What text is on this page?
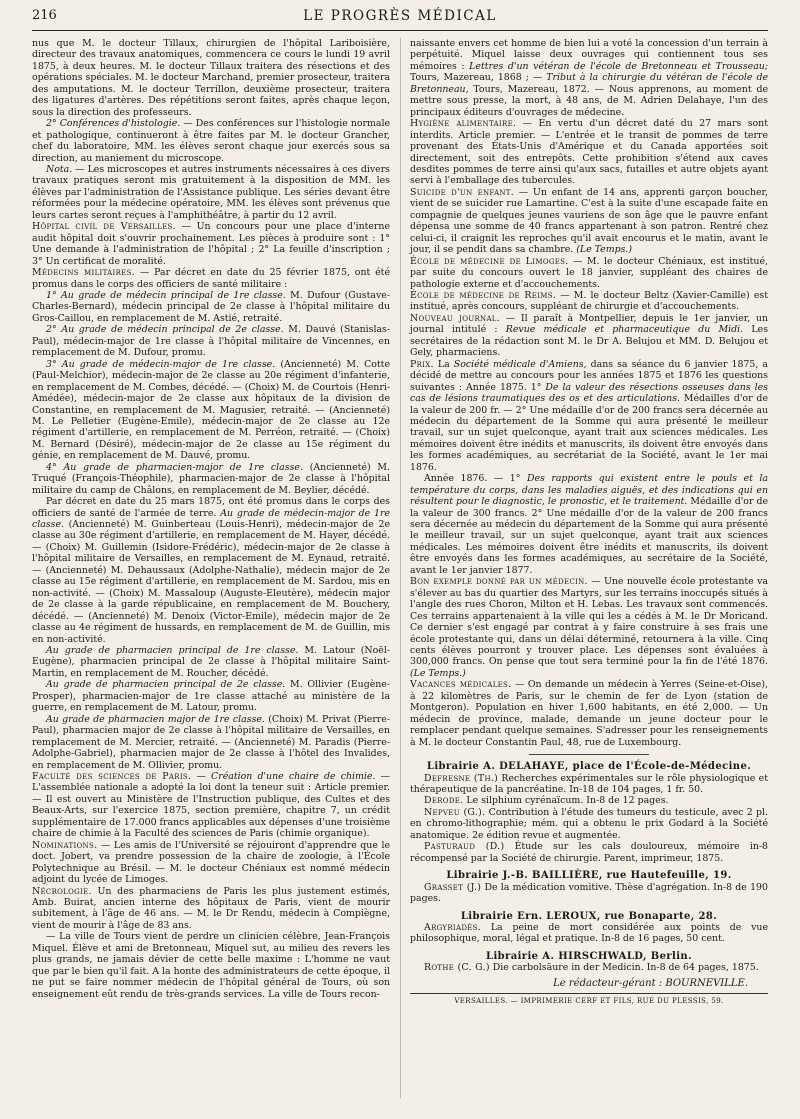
216	LE PROGRÈS MÉDICAL

nus que M. le docteur Tillaux, chirurgien de l'hôpital Lariboisière, directeur des travaux anatomiques, commencera ce cours le lundi 19 avril 1875, à deux heures. M. le docteur Tillaux traitera des résections et des opérations spéciales. M. le docteur Marchand, premier prosecteur, traitera des amputations. M. le docteur Terrillon, deuxième prosecteur, traitera des ligatures d'artères. Des répétitions seront faites, après chaque leçon, sous la direction des professeurs.

2° Conférences d'histologie. — Des conférences sur l'histologie normale et pathologique, continueront à être faites par M. le docteur Grancher, chef du laboratoire, MM. les élèves seront chaque jour exercés sous sa direction, au maniement du microscope.

Nota. — Les microscopes et autres instruments nécessaires à ces divers travaux pratiques seront mis gratuitement à la disposition de MM. les élèves par l'administration de l'Assistance publique. Les séries devant être réformées pour la médecine opératoire, MM. les élèves sont prévenus que leurs cartes seront reçues à l'amphithéâtre, à partir du 12 avril.

Hôpital civil de Versailles. — Un concours pour une place d'interne audit hôpital doit s'ouvrir prochainement. Les pièces à produire sont : 1° Une demande à l'administration de l'hôpital ; 2° La feuille d'inscription ; 3° Un certificat de moralité.

Médecins militaires. — Par décret en date du 25 février 1875, ont été promus dans le corps des officiers de santé militaire :

1° Au grade de médecin principal de 1re classe. M. Dufour (Gustave-Charles-Bernard), médecin principal de 2e classe à l'hôpital militaire du Gros-Caillou, en remplacement de M. Astié, retraité.

2° Au grade de médecin principal de 2e classe. M. Dauvé (Stanislas-Paul), médecin-major de 1re classe à l'hôpital militaire de Vincennes, en remplacement de M. Dufour, promu.

3° Au grade de médecin-major de 1re classe. (Ancienneté) M. Cotte (Paul-Melchior), médecin-major de 2e classe au 20e régiment d'infanterie, en remplacement de M. Combes, décédé. — (Choix) M. de Courtois (Henri-Amédée), médecin-major de 2e classe aux hôpitaux de la division de Constantine, en remplacement de M. Magusier, retraité. — (Ancienneté) M. Le Pelletier (Eugène-Emile), médecin-major de 2e classe au 12e régiment d'artillerie, en remplacement de M. Perréon, retraité. — (Choix) M. Bernard (Désiré), médecin-major de 2e classe au 15e régiment du génie, en remplacement de M. Dauvé, promu.

4° Au grade de pharmacien-major de 1re classe. (Ancienneté) M. Truqué (François-Théophile), pharmacien-major de 2e classe à l'hôpital militaire du camp de Châlons, en remplacement de M. Beylier, décédé.

Par décret en date du 25 mars 1875, ont été promus dans le corps des officiers de santé de l'armée de terre. Au grade de médecin-major de 1re classe. (Ancienneté) M. Guinberteau (Louis-Henri), médecin-major de 2e classe au 30e régiment d'artillerie, en remplacement de M. Hayer, décédé. — (Choix) M. Guillemin (Isidore-Frédéric), médecin-major de 2e classe à l'hôpital militaire de Versailles, en remplacement de M. Eynaud, retraité. — (Ancienneté) M. Dehaussaux (Adolphe-Nathalie), médecin major de 2e classe au 15e régiment d'artillerie, en remplacement de M. Sardou, mis en non-activité. — (Choix) M. Massaloup (Auguste-Eleutère), médecin major de 2e classe à la garde républicaine, en remplacement de M. Bouchery, décédé. — (Ancienneté) M. Denoix (Victor-Emile), médecin major de 2e classe au 4e régiment de hussards, en remplacement de M. de Guillin, mis en non-activité.

Au grade de pharmacien principal de 1re classe. M. Latour (Noël-Eugène), pharmacien principal de 2e classe à l'hôpital militaire Saint-Martin, en remplacement de M. Roucher, décédé.

Au grade de pharmacien principal de 2e classe. M. Ollivier (Eugène-Prosper), pharmacien-major de 1re classe attaché au ministère de la guerre, en remplacement de M. Latour, promu.

Au grade de pharmacien major de 1re classe. (Choix) M. Privat (Pierre-Paul), pharmacien major de 2e classe à l'hôpital militaire de Versailles, en remplacement de M. Mercier, retraité. — (Ancienneté) M. Paradis (Pierre-Adolphe-Gabriel), pharmacien major de 2e classe à l'hôtel des Invalides, en remplacement de M. Ollivier, promu.

Faculté des sciences de Paris. — Création d'une chaire de chimie. — L'assemblée nationale a adopté la loi dont la teneur suit : Article premier. — Il est ouvert au Ministère de l'Instruction publique, des Cultes et des Beaux-Arts, sur l'exercice 1875, section première, chapitre 7, un crédit supplémentaire de 17.000 francs applicables aux dépenses d'une troisième chaire de chimie à la Faculté des sciences de Paris (chimie organique).

Nominations. — Les amis de l'Université se réjouiront d'apprendre que le doct. Jobert, va prendre possession de la chaire de zoologie, à l'École Polytechnique au Brésil. — M. le docteur Chéniaux est nommé médecin adjoint du lycée de Limoges.

Nécrologie. Un des pharmaciens de Paris les plus justement estimés, Amb. Buirat, ancien interne des hôpitaux de Paris, vient de mourir subitement, à l'âge de 46 ans. — M. le Dr Rendu, médecin à Compiègne, vient de mourir à l'âge de 83 ans.

— La ville de Tours vient de perdre un clinicien célèbre, Jean-François Miquel. Élève et ami de Bretonneau, Miquel sut, au milieu des revers les plus grands, ne jamais dévier de cette belle maxime : L'homme ne vaut que par le bien qu'il fait. A la honte des administrateurs de cette époque, il ne put se faire nommer médecin de l'hôpital général de Tours, où son enseignement eût rendu de très-grands services. La ville de Tours recon-

naissante envers cet homme de bien lui a voté la concession d'un terrain à perpétuité. Miquel laisse deux ouvrages qui contiennent tous ses mémoires : Lettres d'un vétéran de l'école de Bretonneau et Trousseau; Tours, Mazereau, 1868 ; — Tribut à la chirurgie du vétéran de l'école de Bretonneau, Tours, Mazereau, 1872. — Nous apprenons, au moment de mettre sous presse, la mort, à 48 ans, de M. Adrien Delahaye, l'un des principaux éditeurs d'ouvrages de médecine.

Hygiène alimentaire. — En vertu d'un décret daté du 27 mars sont interdits. Article premier. — L'entrée et le transit de pommes de terre provenant des États-Unis d'Amérique et du Canada apportées soit directement, soit des entrepôts. Cette prohibition s'étend aux caves desdites pommes de terre ainsi qu'aux sacs, futailles et autre objets ayant servi à l'emballage des tubercules.

Suicide d'un enfant. — Un enfant de 14 ans, apprenti garçon boucher, vient de se suicider rue Lamartine. C'est à la suite d'une escapade faite en compagnie de quelques jeunes vauriens de son âge que le pauvre enfant dépensa une somme de 40 francs appartenant à son patron. Rentré chez celui-ci, il craignit les reproches qu'il avait encourus et le matin, avant le jour, il se pendit dans sa chambre. (Le Temps.)

École de médecine de Limoges. — M. le docteur Chéniaux, est institué, par suite du concours ouvert le 18 janvier, suppléant des chaires de pathologie externe et d'accouchements.

École de médecine de Reims. — M. le docteur Beltz (Xavier-Camille) est institué, après concours, suppléant de chirurgie et d'accouchements.

Nouveau journal. — Il paraît à Montpellier, depuis le 1er janvier, un journal intitulé : Revue médicale et pharmaceutique du Midi. Les secrétaires de la rédaction sont M. le Dr A. Belujou et MM. D. Belujou et Gely, pharmaciens.

Prix. La Société médicale d'Amiens, dans sa séance du 6 janvier 1875, a décidé de mettre au concours pour les années 1875 et 1876 les questions suivantes : Année 1875. 1° De la valeur des résections osseuses dans les cas de lésions traumatiques des os et des articulations. Médailles d'or de la valeur de 200 fr. — 2° Une médaille d'or de 200 francs sera décernée au médecin du département de la Somme qui aura présenté le meilleur travail, sur un sujet quelconque, ayant trait aux sciences médicales. Les mémoires doivent être inédits et manuscrits, ils doivent être envoyés dans les formes académiques, au secrétariat de la Société, avant le 1er mai 1876.

Année 1876. — 1° Des rapports qui existent entre le pouls et la température du corps, dans les maladies aiguës, et des indications qui en résultent pour le diagnostic, le pronostic, et le traitement. Médaille d'or de la valeur de 300 francs. 2° Une médaille d'or de la valeur de 200 francs sera décernée au médecin du département de la Somme qui aura présenté le meilleur travail, sur un sujet quelconque, ayant trait aux sciences médicales. Les mémoires doivent être inédits et manuscrits, ils doivent être envoyés dans les formes académiques, au secrétaire de la Société, avant le 1er janvier 1877.

Bon exemple donné par un médecin. — Une nouvelle école protestante va s'élever au bas du quartier des Martyrs, sur les terrains inoccupés situés à l'angle des rues Choron, Milton et H. Lebas. Les travaux sont commencés. Ces terrains appartenaient à la ville qui les a cédés à M. le Dr Moricand. Ce dernier s'est engagé par contrat à y faire construire à ses frais une école protestante qui, dans un délai déterminé, retournera à la ville. Cinq cents élèves pourront y trouver place. Les dépenses sont évaluées à 300,000 francs. On pense que tout sera terminé pour la fin de l'été 1876. (Le Temps.)

Vacances médicales. — On demande un médecin à Yerres (Seine-et-Oise), à 22 kilomètres de Paris, sur le chemin de fer de Lyon (station de Montgeron). Population en hiver 1,600 habitants, en été 2,000. — Un médecin de province, malade, demande un jeune docteur pour le remplacer pendant quelque semaines. S'adresser pour les renseignements à M. le docteur Constantin Paul, 48, rue de Luxembourg.

Librairie A. DELAHAYE, place de l'École-de-Médecine.

Defresne (Th.) Recherches expérimentales sur le rôle physiologique et thérapeutique de la pancréatine. In-18 de 104 pages, 1 fr. 50.

Derode. Le silphium cyrénaïcum. In-8 de 12 pages.

Nepveu (G.). Contribution à l'étude des tumeurs du testicule, avec 2 pl. en chromo-lithographie; mém. qui a obtenu le prix Godard à la Société anatomique. 2e édition revue et augmentée.

Pasturaud (D.) Étude sur les cals douloureux, mémoire in-8 récompensé par la Société de chirurgie. Parent, imprimeur, 1875.

Librairie J.-B. BAILLIÈRE, rue Hautefeuille, 19.

Grasset (J.) De la médication vomitive. Thèse d'agrégation. In-8 de 190 pages.

Librairie Ern. LEROUX, rue Bonaparte, 28.

Argyriadès. La peine de mort considérée aux points de vue philosophique, moral, légal et pratique. In-8 de 16 pages, 50 cent.

Librairie A. HIRSCHWALD, Berlin.

Rothe (C. G.) Die carbolsäure in der Medicin. In-8 de 64 pages, 1875.

Le rédacteur-gérant : BOURNEVILLE.
VERSAILLES. — IMPRIMERIE CERF ET FILS, RUE DU PLESSIS, 59.
